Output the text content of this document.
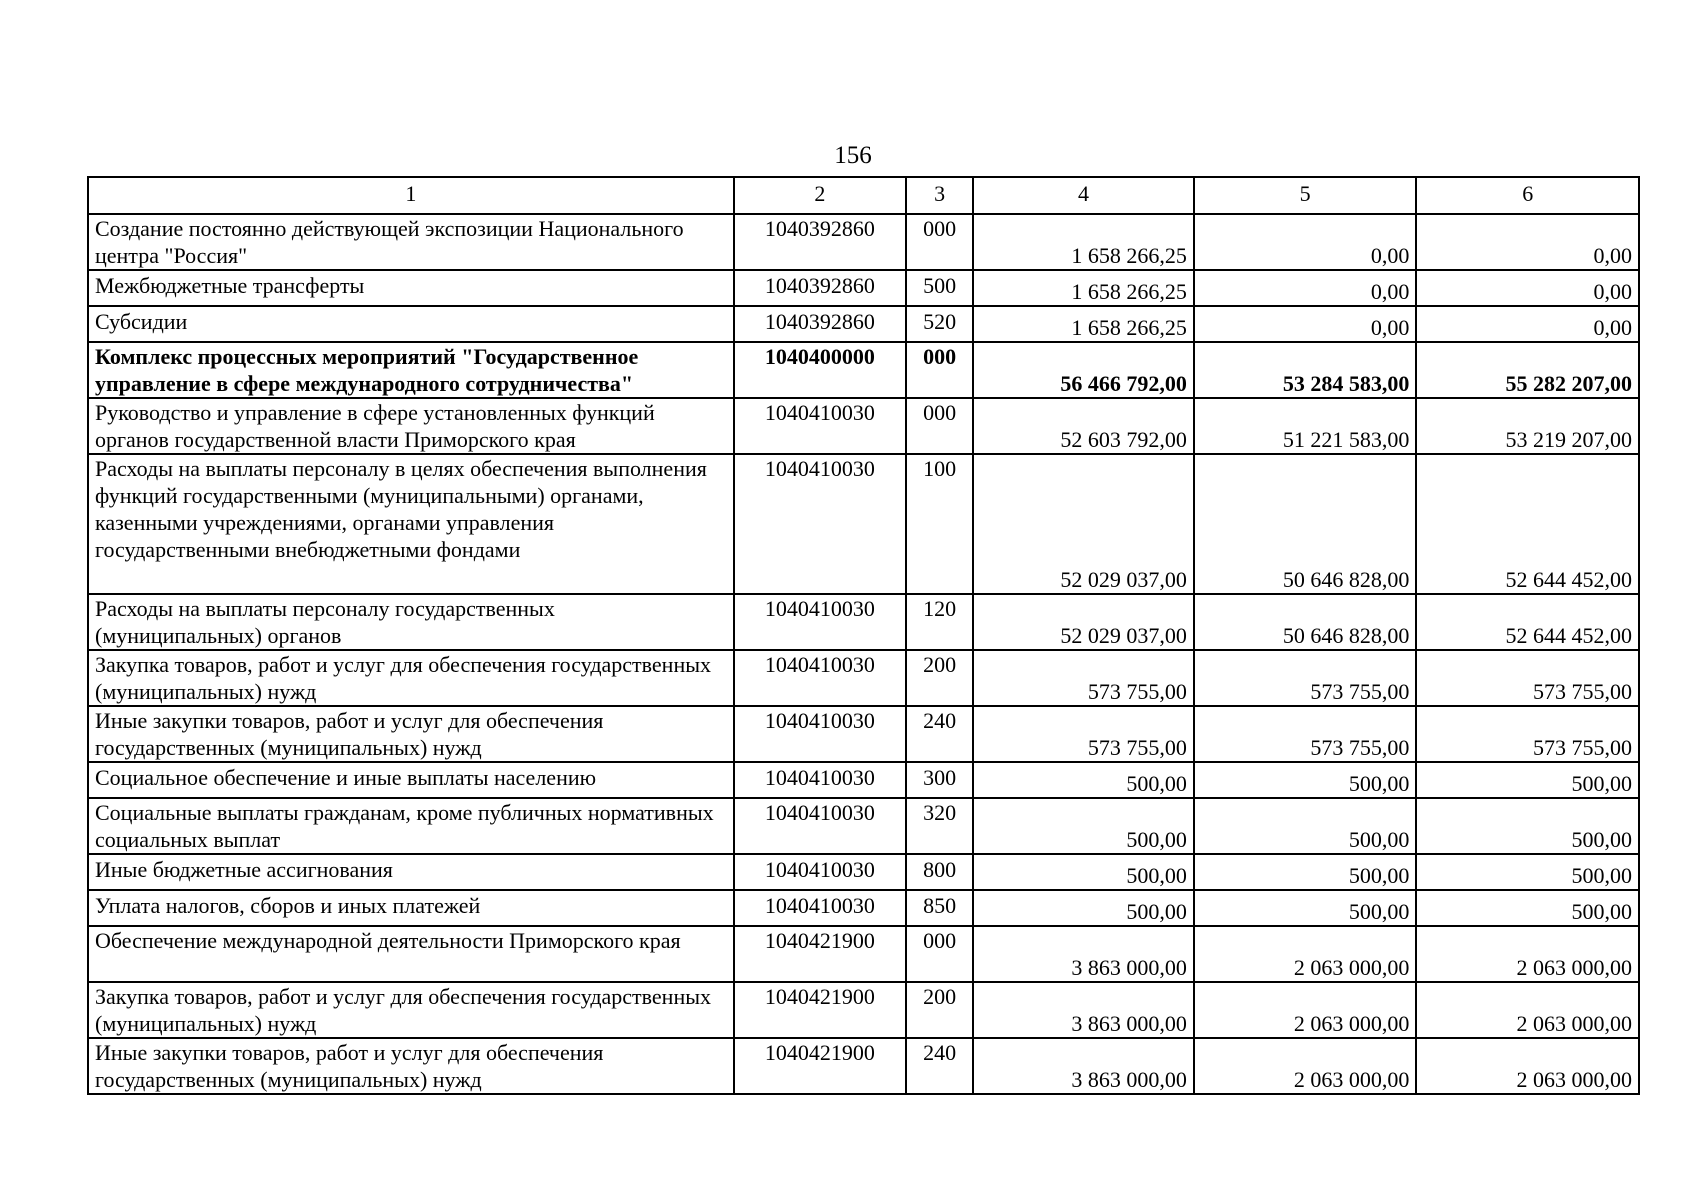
156
1	2	3	4	5	6
Создание постоянно действующей экспозиции Национального центра "Россия"	1040392860	000	1 658 266,25	0,00	0,00
Межбюджетные трансферты	1040392860	500	1 658 266,25	0,00	0,00
Субсидии	1040392860	520	1 658 266,25	0,00	0,00
Комплекс процессных мероприятий "Государственное управление в сфере международного сотрудничества"	1040400000	000	56 466 792,00	53 284 583,00	55 282 207,00
Руководство и управление в сфере установленных функций органов государственной власти Приморского края	1040410030	000	52 603 792,00	51 221 583,00	53 219 207,00
Расходы на выплаты персоналу в целях обеспечения выполнения функций государственными (муниципальными) органами, казенными учреждениями, органами управления государственными внебюджетными фондами	1040410030	100	52 029 037,00	50 646 828,00	52 644 452,00
Расходы на выплаты персоналу государственных (муниципальных) органов	1040410030	120	52 029 037,00	50 646 828,00	52 644 452,00
Закупка товаров, работ и услуг для обеспечения государственных (муниципальных) нужд	1040410030	200	573 755,00	573 755,00	573 755,00
Иные закупки товаров, работ и услуг для обеспечения государственных (муниципальных) нужд	1040410030	240	573 755,00	573 755,00	573 755,00
Социальное обеспечение и иные выплаты населению	1040410030	300	500,00	500,00	500,00
Социальные выплаты гражданам, кроме публичных нормативных социальных выплат	1040410030	320	500,00	500,00	500,00
Иные бюджетные ассигнования	1040410030	800	500,00	500,00	500,00
Уплата налогов, сборов и иных платежей	1040410030	850	500,00	500,00	500,00
Обеспечение международной деятельности Приморского края	1040421900	000	3 863 000,00	2 063 000,00	2 063 000,00
Закупка товаров, работ и услуг для обеспечения государственных (муниципальных) нужд	1040421900	200	3 863 000,00	2 063 000,00	2 063 000,00
Иные закупки товаров, работ и услуг для обеспечения государственных (муниципальных) нужд	1040421900	240	3 863 000,00	2 063 000,00	2 063 000,00
